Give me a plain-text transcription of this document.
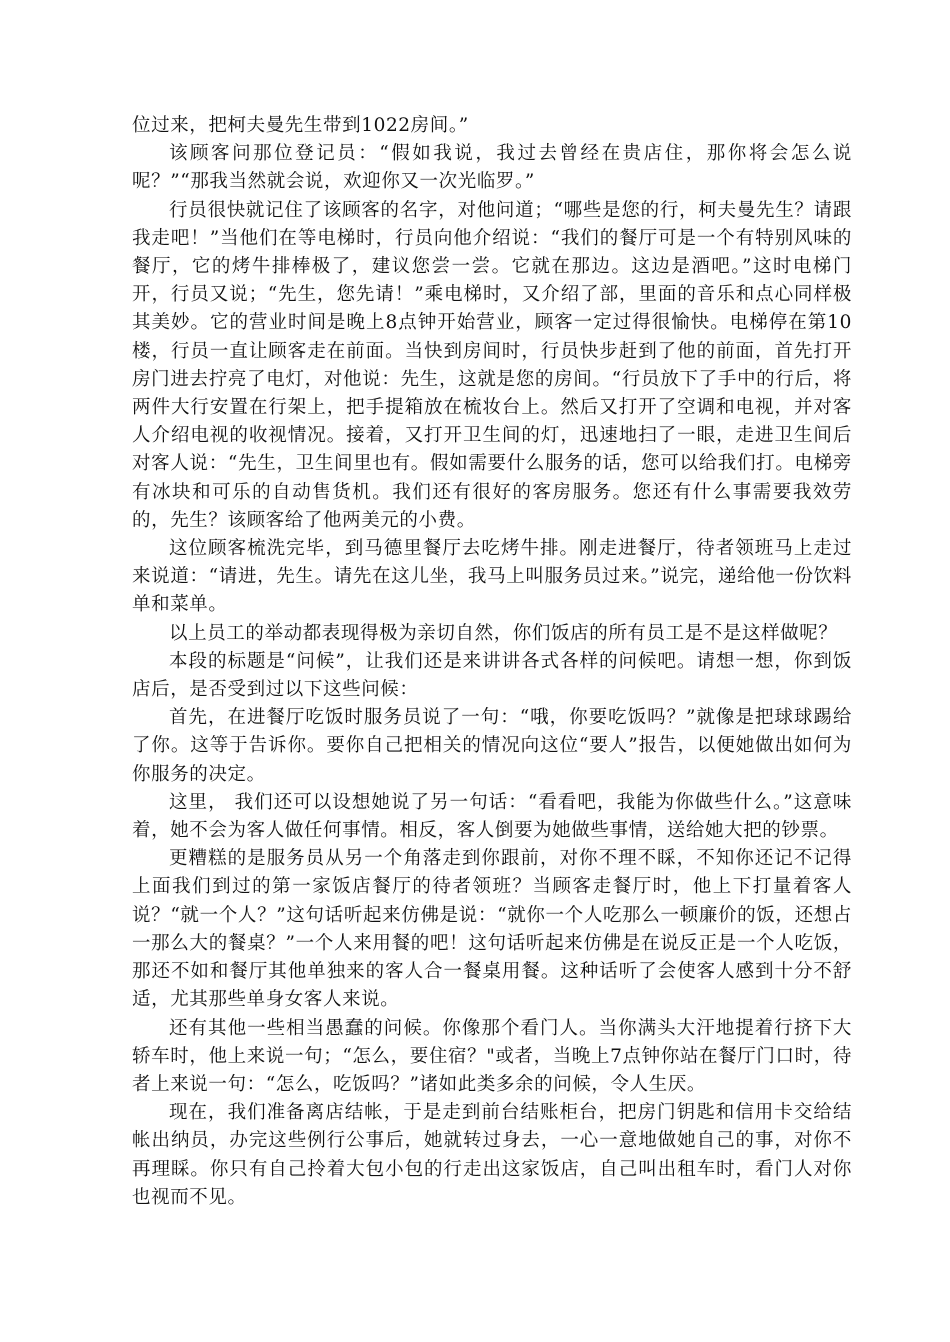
位过来，把柯夫曼先生带到1022房间。”

该顾客问那位登记员：“假如我说，我过去曾经在贵店住，那你将会怎么说呢？”“那我当然就会说，欢迎你又一次光临罗。”

行员很快就记住了该顾客的名字，对他问道；“哪些是您的行，柯夫曼先生？请跟我走吧！”当他们在等电梯时，行员向他介绍说：“我们的餐厅可是一个有特别风味的餐厅，它的烤牛排棒极了，建议您尝一尝。它就在那边。这边是酒吧。”这时电梯门开，行员又说；“先生，您先请！”乘电梯时，又介绍了部，里面的音乐和点心同样极其美妙。它的营业时间是晚上8点钟开始营业，顾客一定过得很愉快。电梯停在第10楼，行员一直让顾客走在前面。当快到房间时，行员快步赶到了他的前面，首先打开房门进去拧亮了电灯，对他说：先生，这就是您的房间。“行员放下了手中的行后，将两件大行安置在行架上，把手提箱放在梳妆台上。然后又打开了空调和电视，并对客人介绍电视的收视情况。接着，又打开卫生间的灯，迅速地扫了一眼，走进卫生间后对客人说：“先生，卫生间里也有。假如需要什么服务的话，您可以给我们打。电梯旁有冰块和可乐的自动售货机。我们还有很好的客房服务。您还有什么事需要我效劳的，先生？该顾客给了他两美元的小费。

这位顾客梳洗完毕，到马德里餐厅去吃烤牛排。刚走进餐厅，待者领班马上走过来说道：“请进，先生。请先在这儿坐，我马上叫服务员过来。”说完，递给他一份饮料单和菜单。

以上员工的举动都表现得极为亲切自然，你们饭店的所有员工是不是这样做呢？

本段的标题是“问候”，让我们还是来讲讲各式各样的问候吧。请想一想，你到饭店后，是否受到过以下这些问候：

首先，在进餐厅吃饭时服务员说了一句：“哦，你要吃饭吗？”就像是把球球踢给了你。这等于告诉你。要你自己把相关的情况向这位“要人”报告，以便她做出如何为你服务的决定。

这里， 我们还可以设想她说了另一句话：“看看吧，我能为你做些什么。”这意味着，她不会为客人做任何事情。相反，客人倒要为她做些事情，送给她大把的钞票。

更糟糕的是服务员从另一个角落走到你跟前，对你不理不睬，不知你还记不记得上面我们到过的第一家饭店餐厅的待者领班？当顾客走餐厅时，他上下打量着客人说？“就一个人？”这句话听起来仿佛是说：“就你一个人吃那么一顿廉价的饭，还想占一那么大的餐桌？”一个人来用餐的吧！这句话听起来仿佛是在说反正是一个人吃饭，那还不如和餐厅其他单独来的客人合一餐桌用餐。这种话听了会使客人感到十分不舒适，尤其那些单身女客人来说。

还有其他一些相当愚蠢的问候。你像那个看门人。当你满头大汗地提着行挤下大轿车时，他上来说一句；“怎么，要住宿？"或者，当晚上7点钟你站在餐厅门口时，待者上来说一句：“怎么，吃饭吗？”诸如此类多余的问候，令人生厌。

现在，我们准备离店结帐，于是走到前台结账柜台，把房门钥匙和信用卡交给结帐出纳员，办完这些例行公事后，她就转过身去，一心一意地做她自己的事，对你不再理睬。你只有自己拎着大包小包的行走出这家饭店，自己叫出租车时，看门人对你也视而不见。
